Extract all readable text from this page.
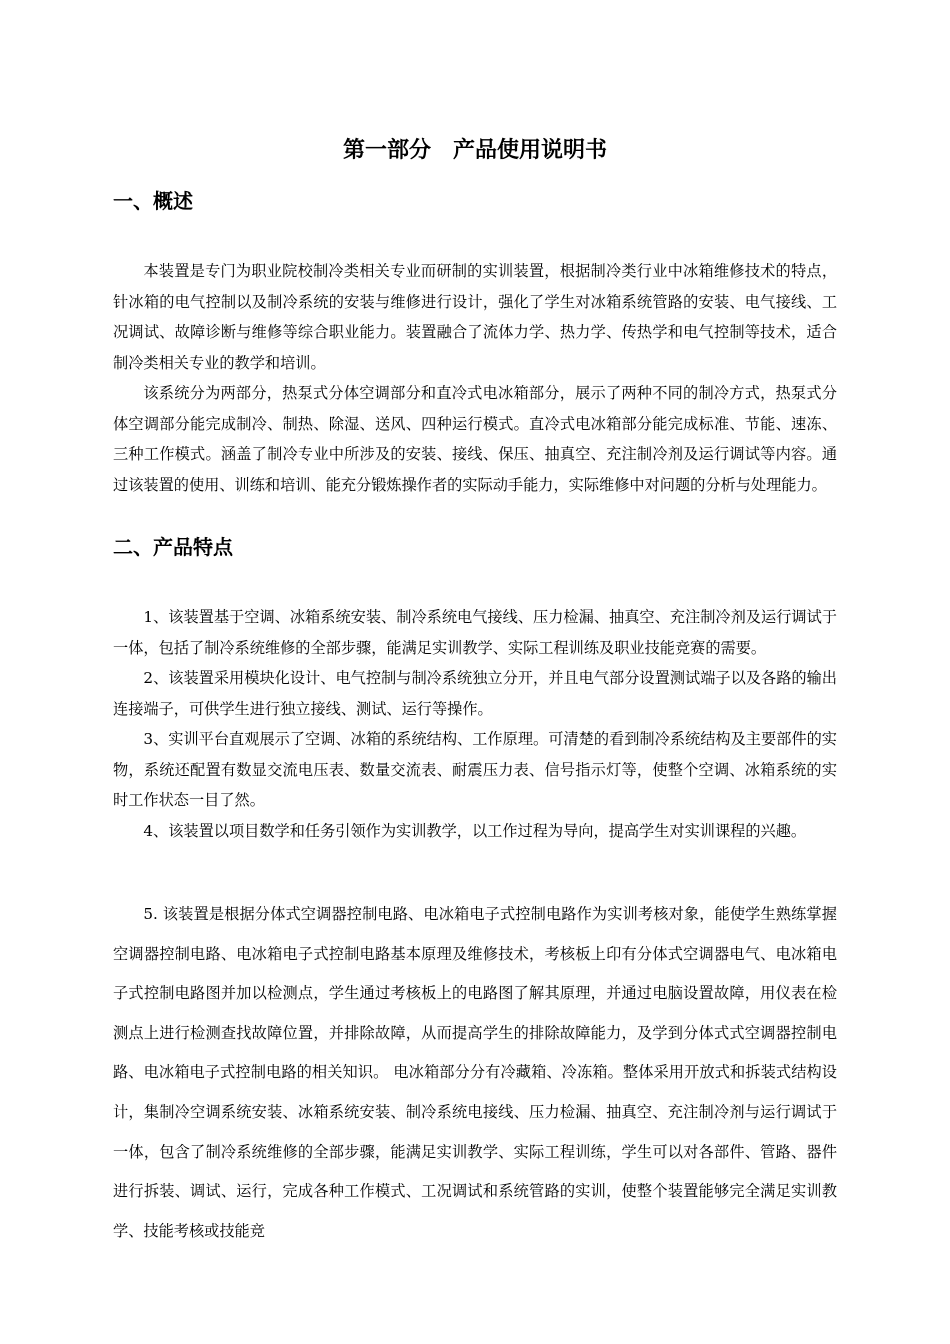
第一部分　产品使用说明书
一、概述

本装置是专门为职业院校制冷类相关专业而研制的实训装置，根据制冷类行业中冰箱维修技术的特点，针冰箱的电气控制以及制冷系统的安装与维修进行设计，强化了学生对冰箱系统管路的安装、电气接线、工况调试、故障诊断与维修等综合职业能力。装置融合了流体力学、热力学、传热学和电气控制等技术，适合制冷类相关专业的教学和培训。

该系统分为两部分，热泵式分体空调部分和直冷式电冰箱部分，展示了两种不同的制冷方式，热泵式分体空调部分能完成制冷、制热、除湿、送风、四种运行模式。直冷式电冰箱部分能完成标准、节能、速冻、三种工作模式。涵盖了制冷专业中所涉及的安装、接线、保压、抽真空、充注制冷剂及运行调试等内容。通过该装置的使用、训练和培训、能充分锻炼操作者的实际动手能力，实际维修中对问题的分析与处理能力。

二、产品特点

1、该装置基于空调、冰箱系统安装、制冷系统电气接线、压力检漏、抽真空、充注制冷剂及运行调试于一体，包括了制冷系统维修的全部步骤，能满足实训教学、实际工程训练及职业技能竞赛的需要。

2、该装置采用模块化设计、电气控制与制冷系统独立分开，并且电气部分设置测试端子以及各路的输出连接端子，可供学生进行独立接线、测试、运行等操作。

3、实训平台直观展示了空调、冰箱的系统结构、工作原理。可清楚的看到制冷系统结构及主要部件的实物，系统还配置有数显交流电压表、数量交流表、耐震压力表、信号指示灯等，使整个空调、冰箱系统的实时工作状态一目了然。

4、该装置以项目数学和任务引领作为实训教学，以工作过程为导向，提高学生对实训课程的兴趣。

5. 该装置是根据分体式空调器控制电路、电冰箱电子式控制电路作为实训考核对象，能使学生熟练掌握空调器控制电路、电冰箱电子式控制电路基本原理及维修技术，考核板上印有分体式空调器电气、电冰箱电子式控制电路图并加以检测点，学生通过考核板上的电路图了解其原理，并通过电脑设置故障，用仪表在检测点上进行检测查找故障位置，并排除故障，从而提高学生的排除故障能力，及学到分体式式空调器控制电路、电冰箱电子式控制电路的相关知识。 电冰箱部分分有冷藏箱、冷冻箱。整体采用开放式和拆装式结构设计，集制冷空调系统安装、冰箱系统安装、制冷系统电接线、压力检漏、抽真空、充注制冷剂与运行调试于一体，包含了制冷系统维修的全部步骤，能满足实训教学、实际工程训练，学生可以对各部件、管路、器件进行拆装、调试、运行，完成各种工作模式、工况调试和系统管路的实训，使整个装置能够完全满足实训教学、技能考核或技能竞
